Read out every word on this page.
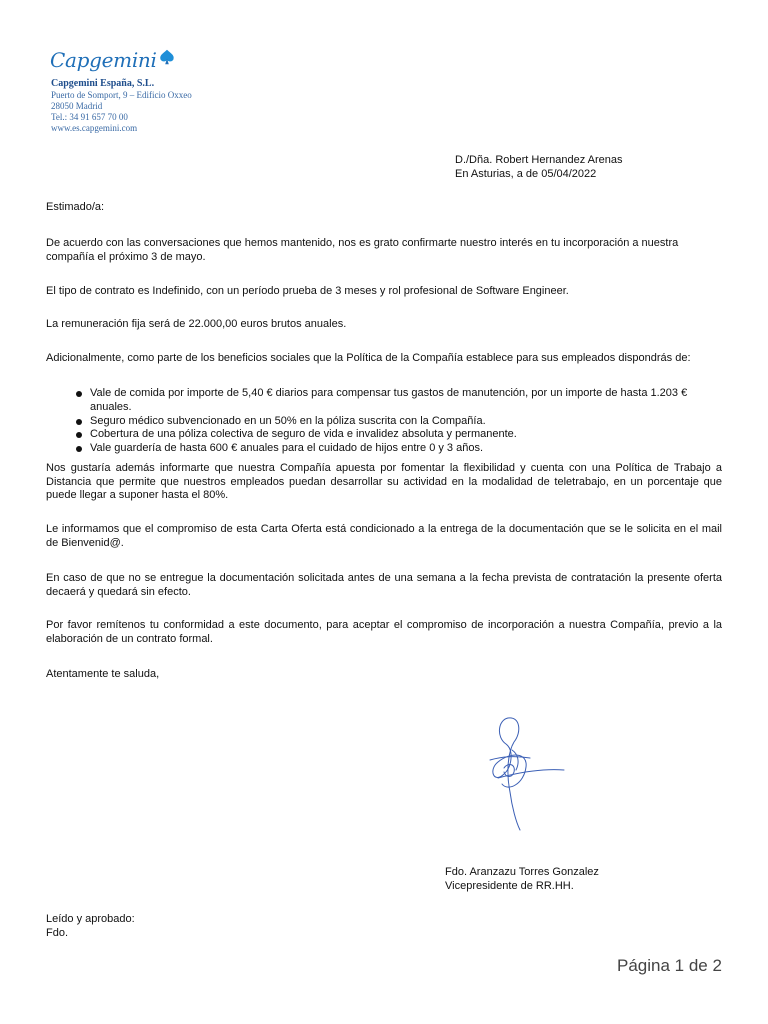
Capgemini
Capgemini España, S.L.
Puerto de Somport, 9 – Edificio Oxxeo
28050 Madrid
Tel.: 34 91 657 70 00
www.es.capgemini.com
D./Dña. Robert Hernandez Arenas
En Asturias, a de 05/04/2022

Estimado/a:

De acuerdo con las conversaciones que hemos mantenido, nos es grato confirmarte nuestro interés en tu incorporación a nuestra compañía el próximo 3 de mayo.

El tipo de contrato es Indefinido, con un período prueba de 3 meses y rol profesional de Software Engineer.

La remuneración fija será de 22.000,00 euros brutos anuales.

Adicionalmente, como parte de los beneficios sociales que la Política de la Compañía establece para sus empleados dispondrás de:

Vale de comida por importe de 5,40 € diarios para compensar tus gastos de manutención, por un importe de hasta 1.203 € anuales.
Seguro médico subvencionado en un 50% en la póliza suscrita con la Compañía.
Cobertura de una póliza colectiva de seguro de vida e invalidez absoluta y permanente.
Vale guardería de hasta 600 € anuales para el cuidado de hijos entre 0 y 3 años.

Nos gustaría además informarte que nuestra Compañía apuesta por fomentar la flexibilidad y cuenta con una Política de Trabajo a Distancia que permite que nuestros empleados puedan desarrollar su actividad en la modalidad de teletrabajo, en un porcentaje que puede llegar a suponer hasta el 80%.

Le informamos que el compromiso de esta Carta Oferta está condicionado a la entrega de la documentación que se le solicita en el mail de Bienvenid@.

En caso de que no se entregue la documentación solicitada antes de una semana a la fecha prevista de contratación la presente oferta decaerá y quedará sin efecto.

Por favor remítenos tu conformidad a este documento, para aceptar el compromiso de incorporación a nuestra Compañía, previo a la elaboración de un contrato formal.

Atentamente te saluda,

Fdo. Aranzazu Torres Gonzalez
Vicepresidente de RR.HH.
Leído y aprobado:
Fdo.
Página 1 de 2
